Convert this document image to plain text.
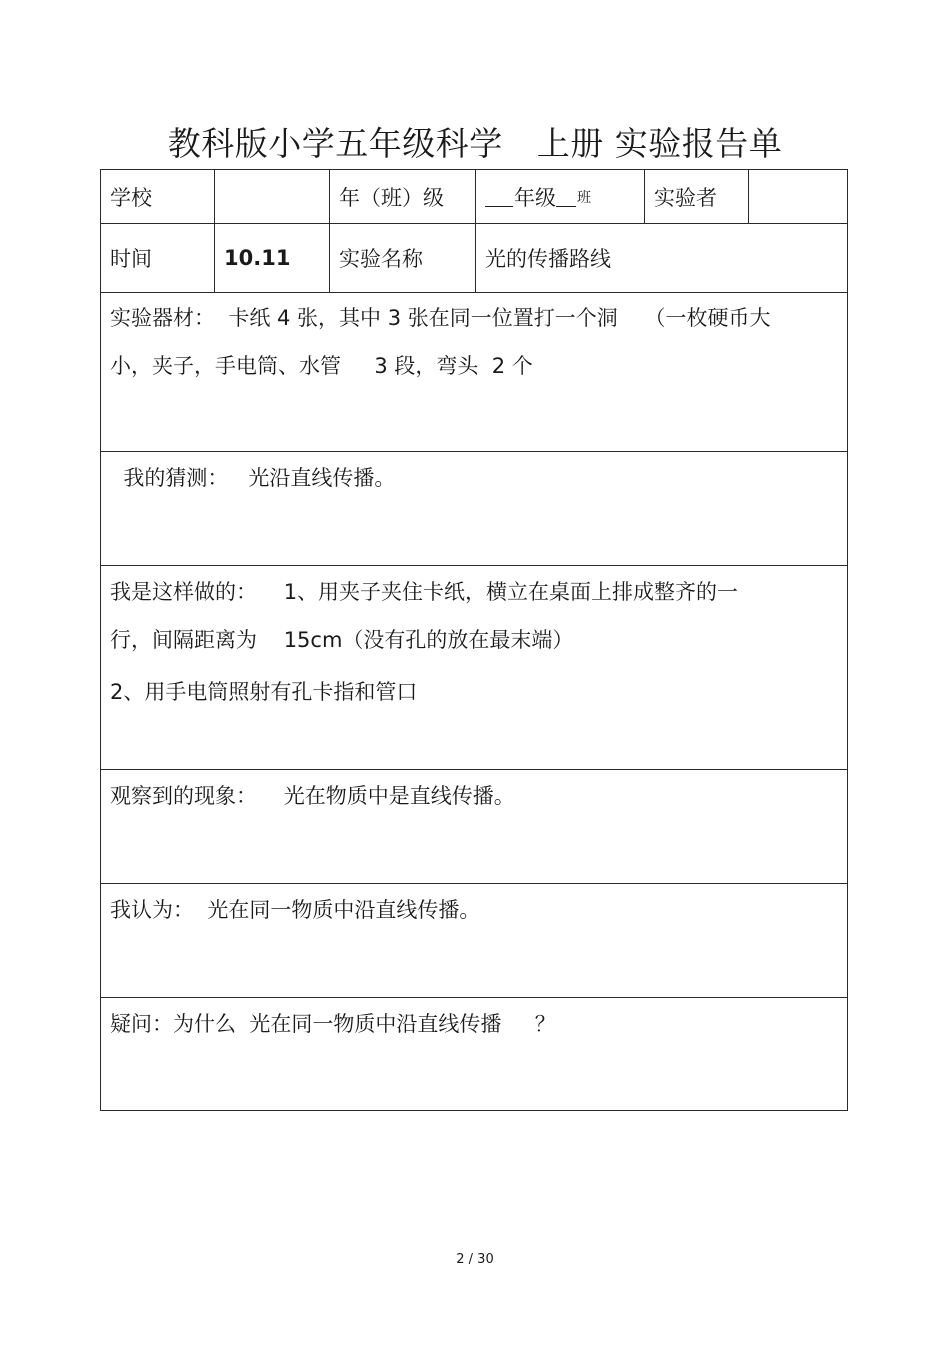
教科版小学五年级科学 上册 实验报告单
学校		年（班）级	年级 班	实验者	

时间	10.11	实验名称	光的传播路线		

实验器材：  卡纸 4 张，其中 3 张在同一位置打一个洞    （一枚硬币大

小，夹子，手电筒、水管     3 段，弯头  2 个					

我的猜测：   光沿直线传播。					

我是这样做的：    1、用夹子夹住卡纸，横立在桌面上排成整齐的一

行，间隔距离为    15cm（没有孔的放在最末端）

2、用手电筒照射有孔卡指和管口					

观察到的现象：    光在物质中是直线传播。					

我认为：  光在同一物质中沿直线传播。					

疑问：为什么  光在同一物质中沿直线传播     ？					

2 / 30
